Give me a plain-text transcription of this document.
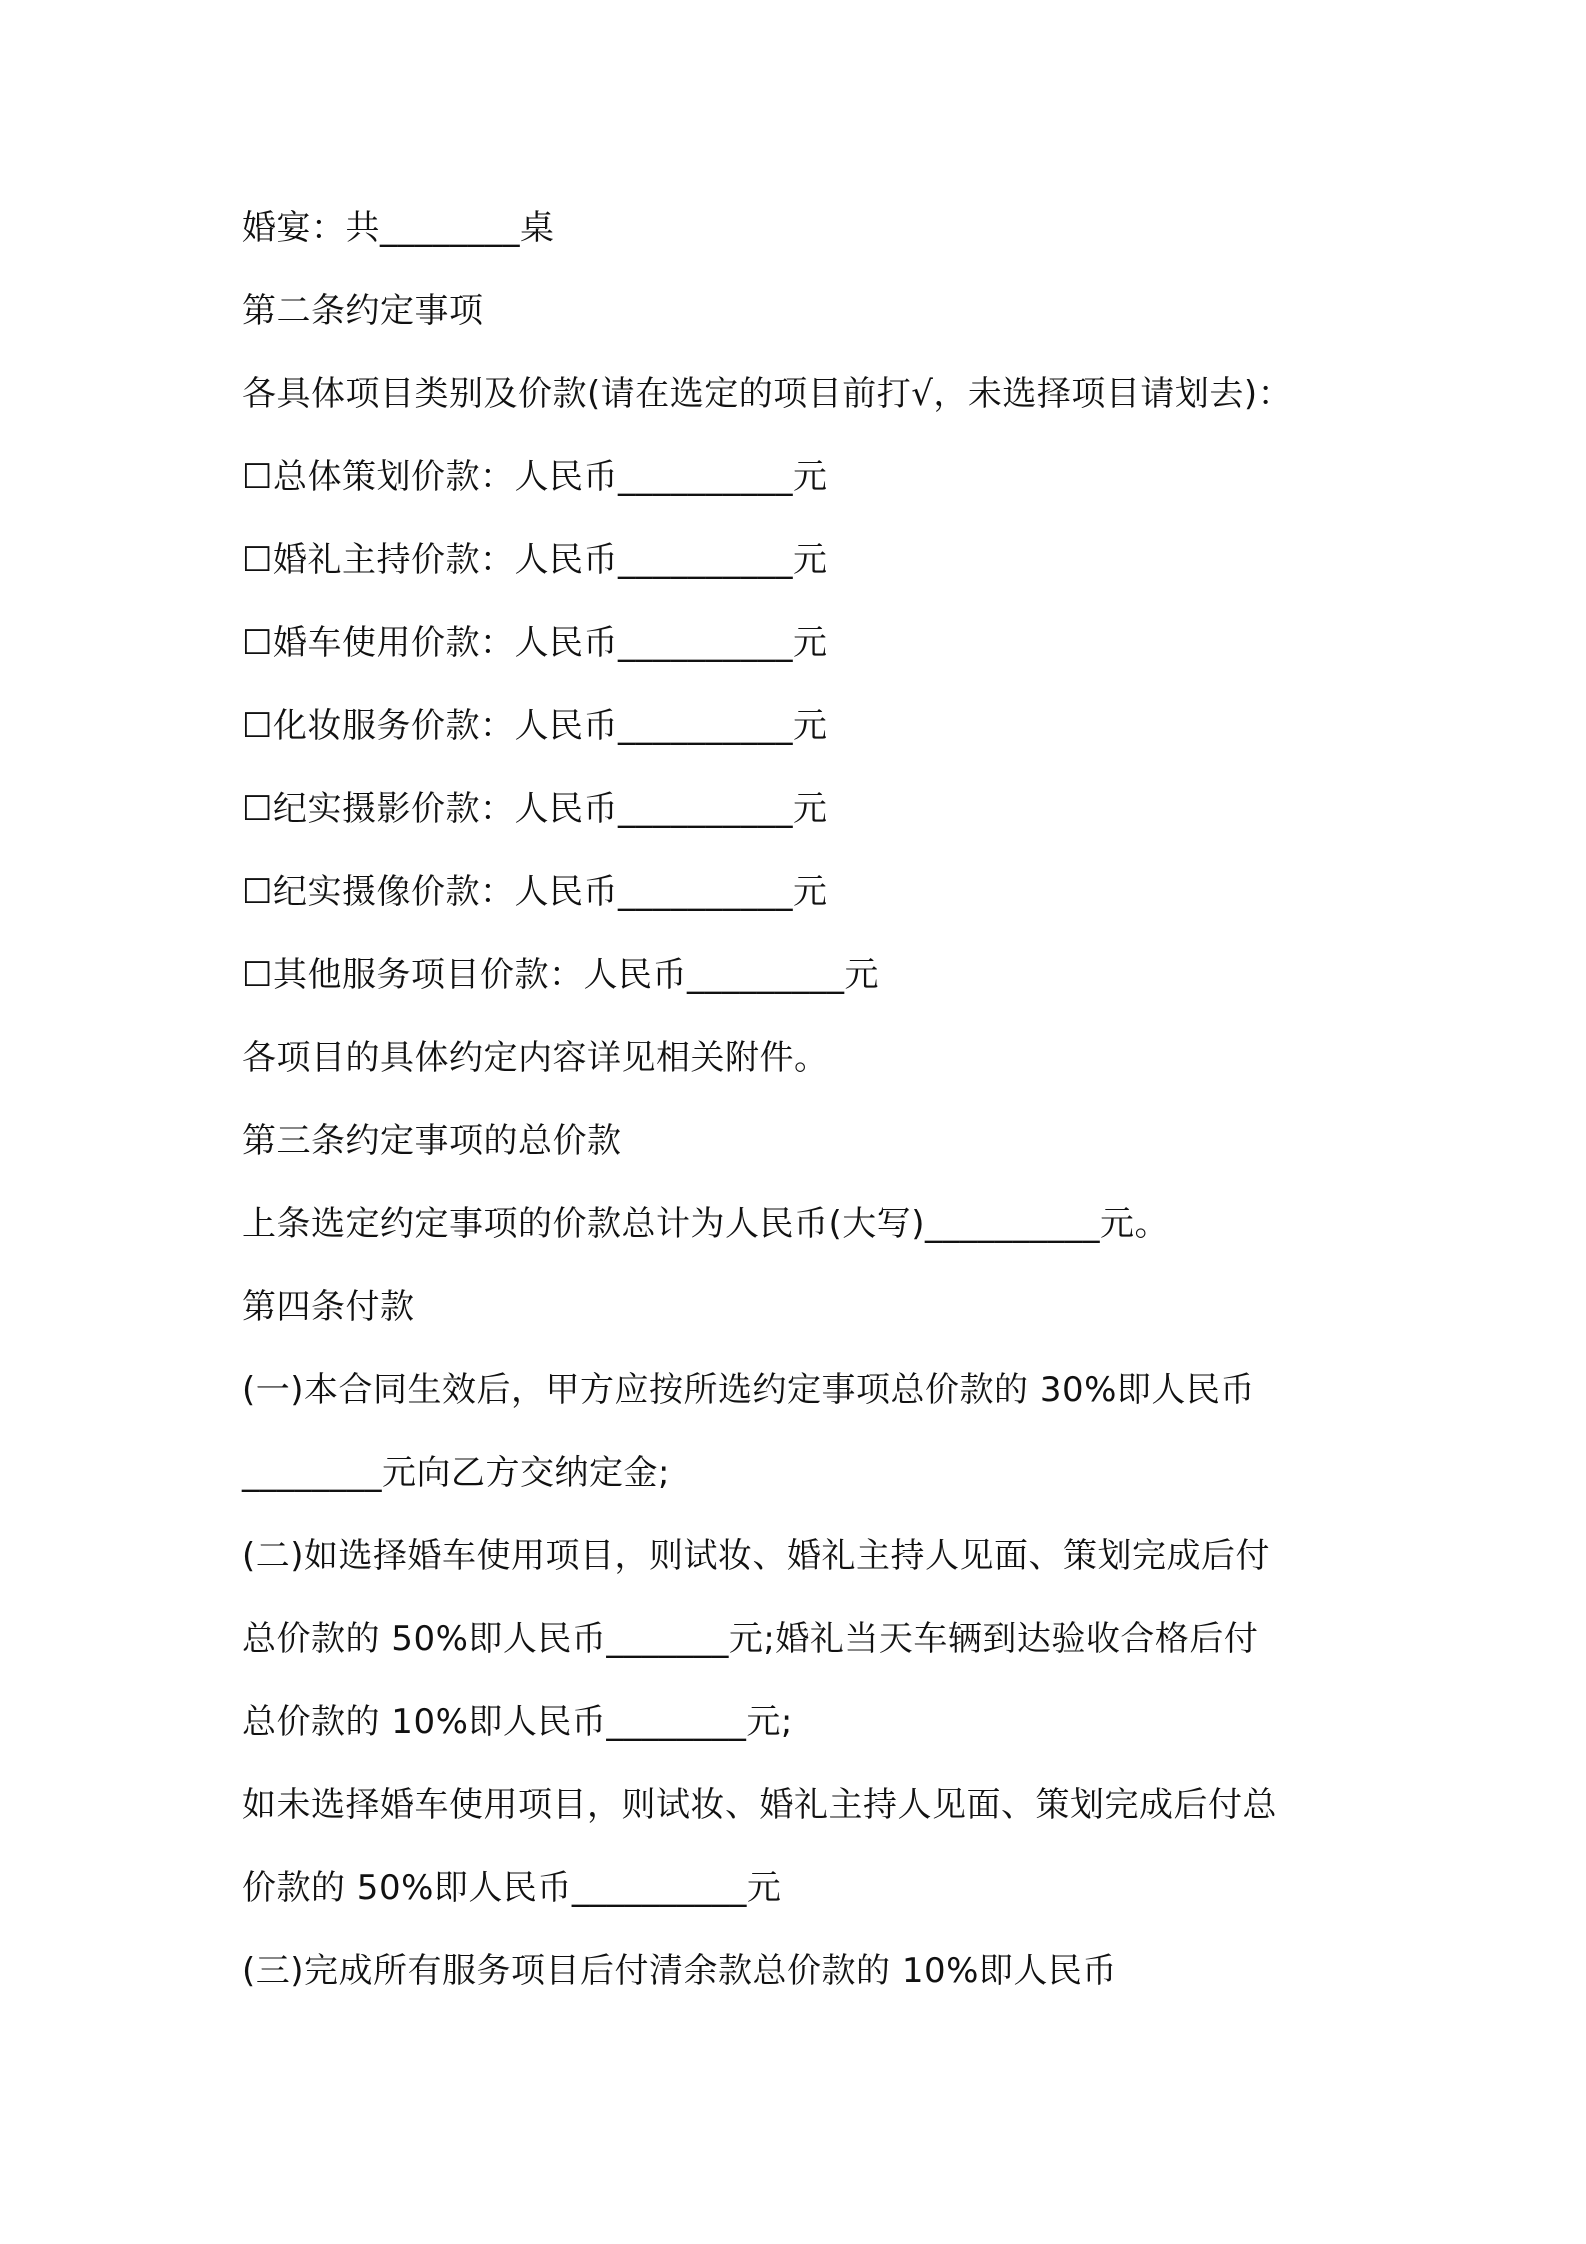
婚宴：共________桌
第二条约定事项
各具体项目类别及价款(请在选定的项目前打√，未选择项目请划去)：
☐总体策划价款：人民币__________元
☐婚礼主持价款：人民币__________元
☐婚车使用价款：人民币__________元
☐化妆服务价款：人民币__________元
☐纪实摄影价款：人民币__________元
☐纪实摄像价款：人民币__________元
☐其他服务项目价款：人民币_________元
各项目的具体约定内容详见相关附件。
第三条约定事项的总价款
上条选定约定事项的价款总计为人民币(大写)__________元。
第四条付款
(一)本合同生效后，甲方应按所选约定事项总价款的 30%即人民币
________元向乙方交纳定金;
(二)如选择婚车使用项目，则试妆、婚礼主持人见面、策划完成后付
总价款的 50%即人民币_______元;婚礼当天车辆到达验收合格后付
总价款的 10%即人民币________元;
如未选择婚车使用项目，则试妆、婚礼主持人见面、策划完成后付总
价款的 50%即人民币__________元
(三)完成所有服务项目后付清余款总价款的 10%即人民币
